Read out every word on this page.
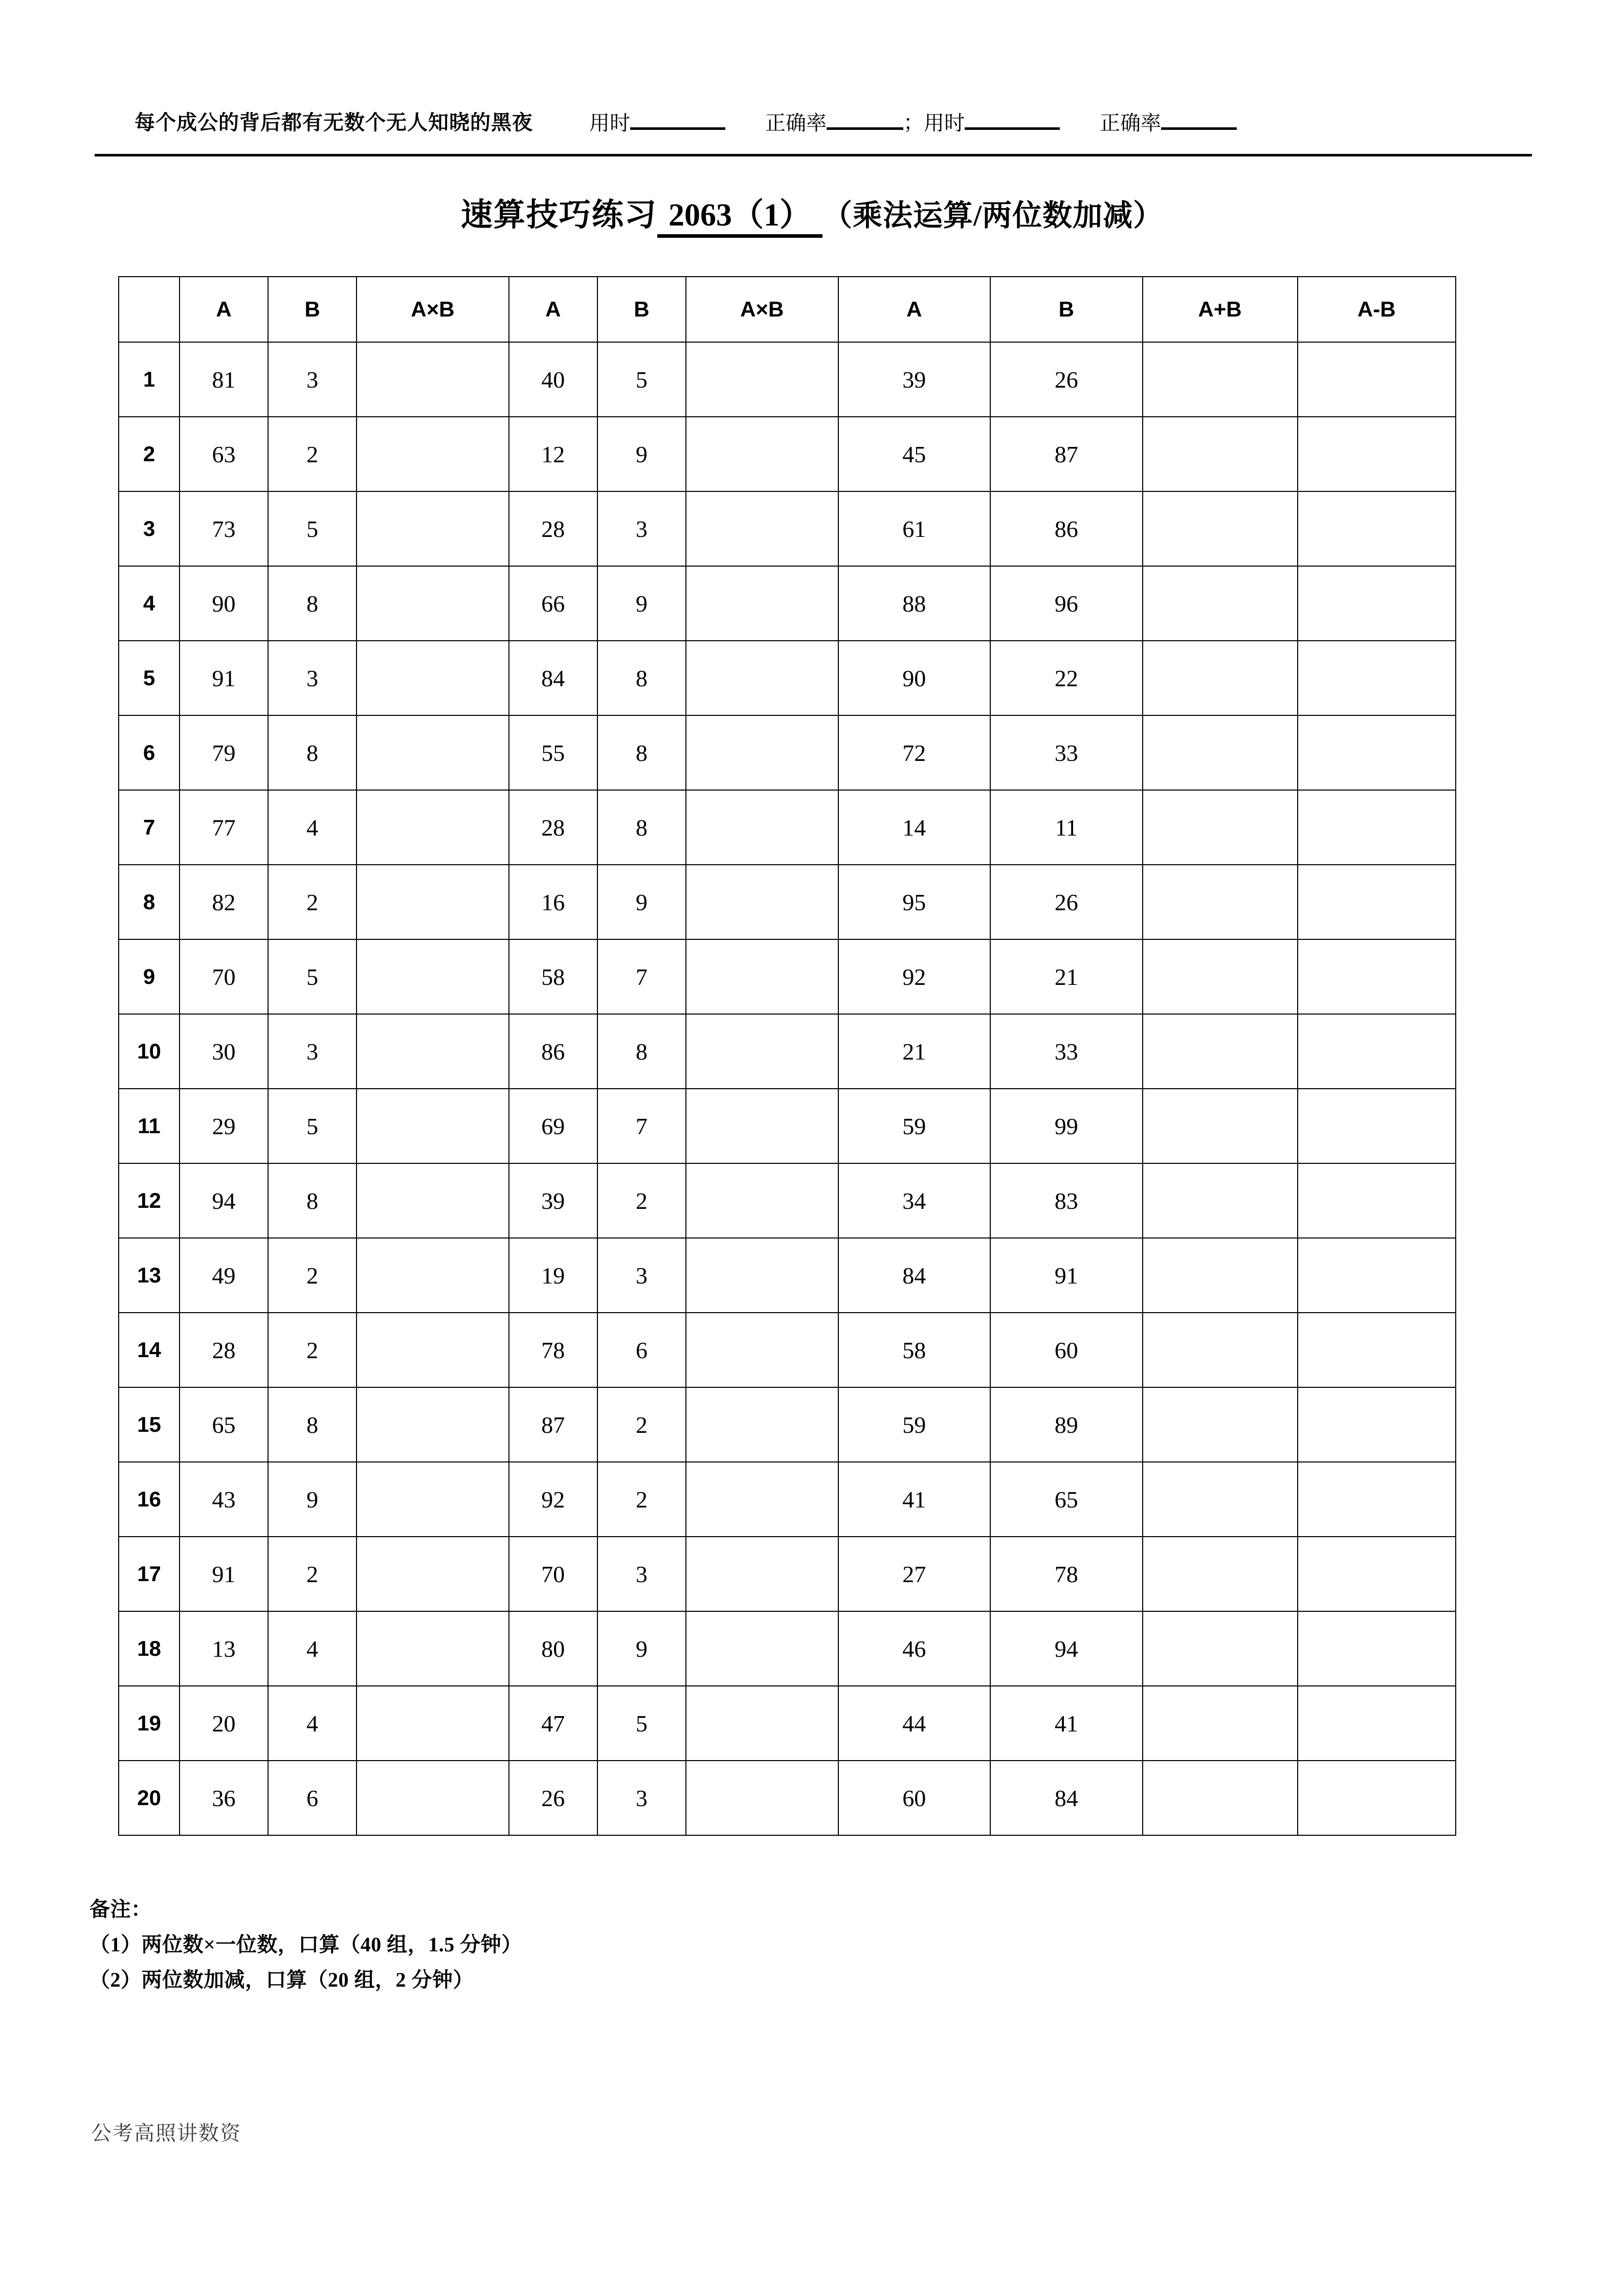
每个成公的背后都有无数个无人知晓的黑夜	用时	正确率	； 用时	正确率
速算技巧练习 2063（1） （乘法运算/两位数加减）
	A	B	A×B	A	B	A×B	A	B	A+B	A-B
1	81	3		40	5		39	26		
2	63	2		12	9		45	87		
3	73	5		28	3		61	86		
4	90	8		66	9		88	96		
5	91	3		84	8		90	22		
6	79	8		55	8		72	33		
7	77	4		28	8		14	11		
8	82	2		16	9		95	26		
9	70	5		58	7		92	21		
10	30	3		86	8		21	33		
11	29	5		69	7		59	99		
12	94	8		39	2		34	83		
13	49	2		19	3		84	91		
14	28	2		78	6		58	60		
15	65	8		87	2		59	89		
16	43	9		92	2		41	65		
17	91	2		70	3		27	78		
18	13	4		80	9		46	94		
19	20	4		47	5		44	41		
20	36	6		26	3		60	84		
备注：
（1）两位数×一位数，口算（40 组，1.5 分钟）
（2）两位数加减，口算（20 组，2 分钟）
公考高照讲数资
